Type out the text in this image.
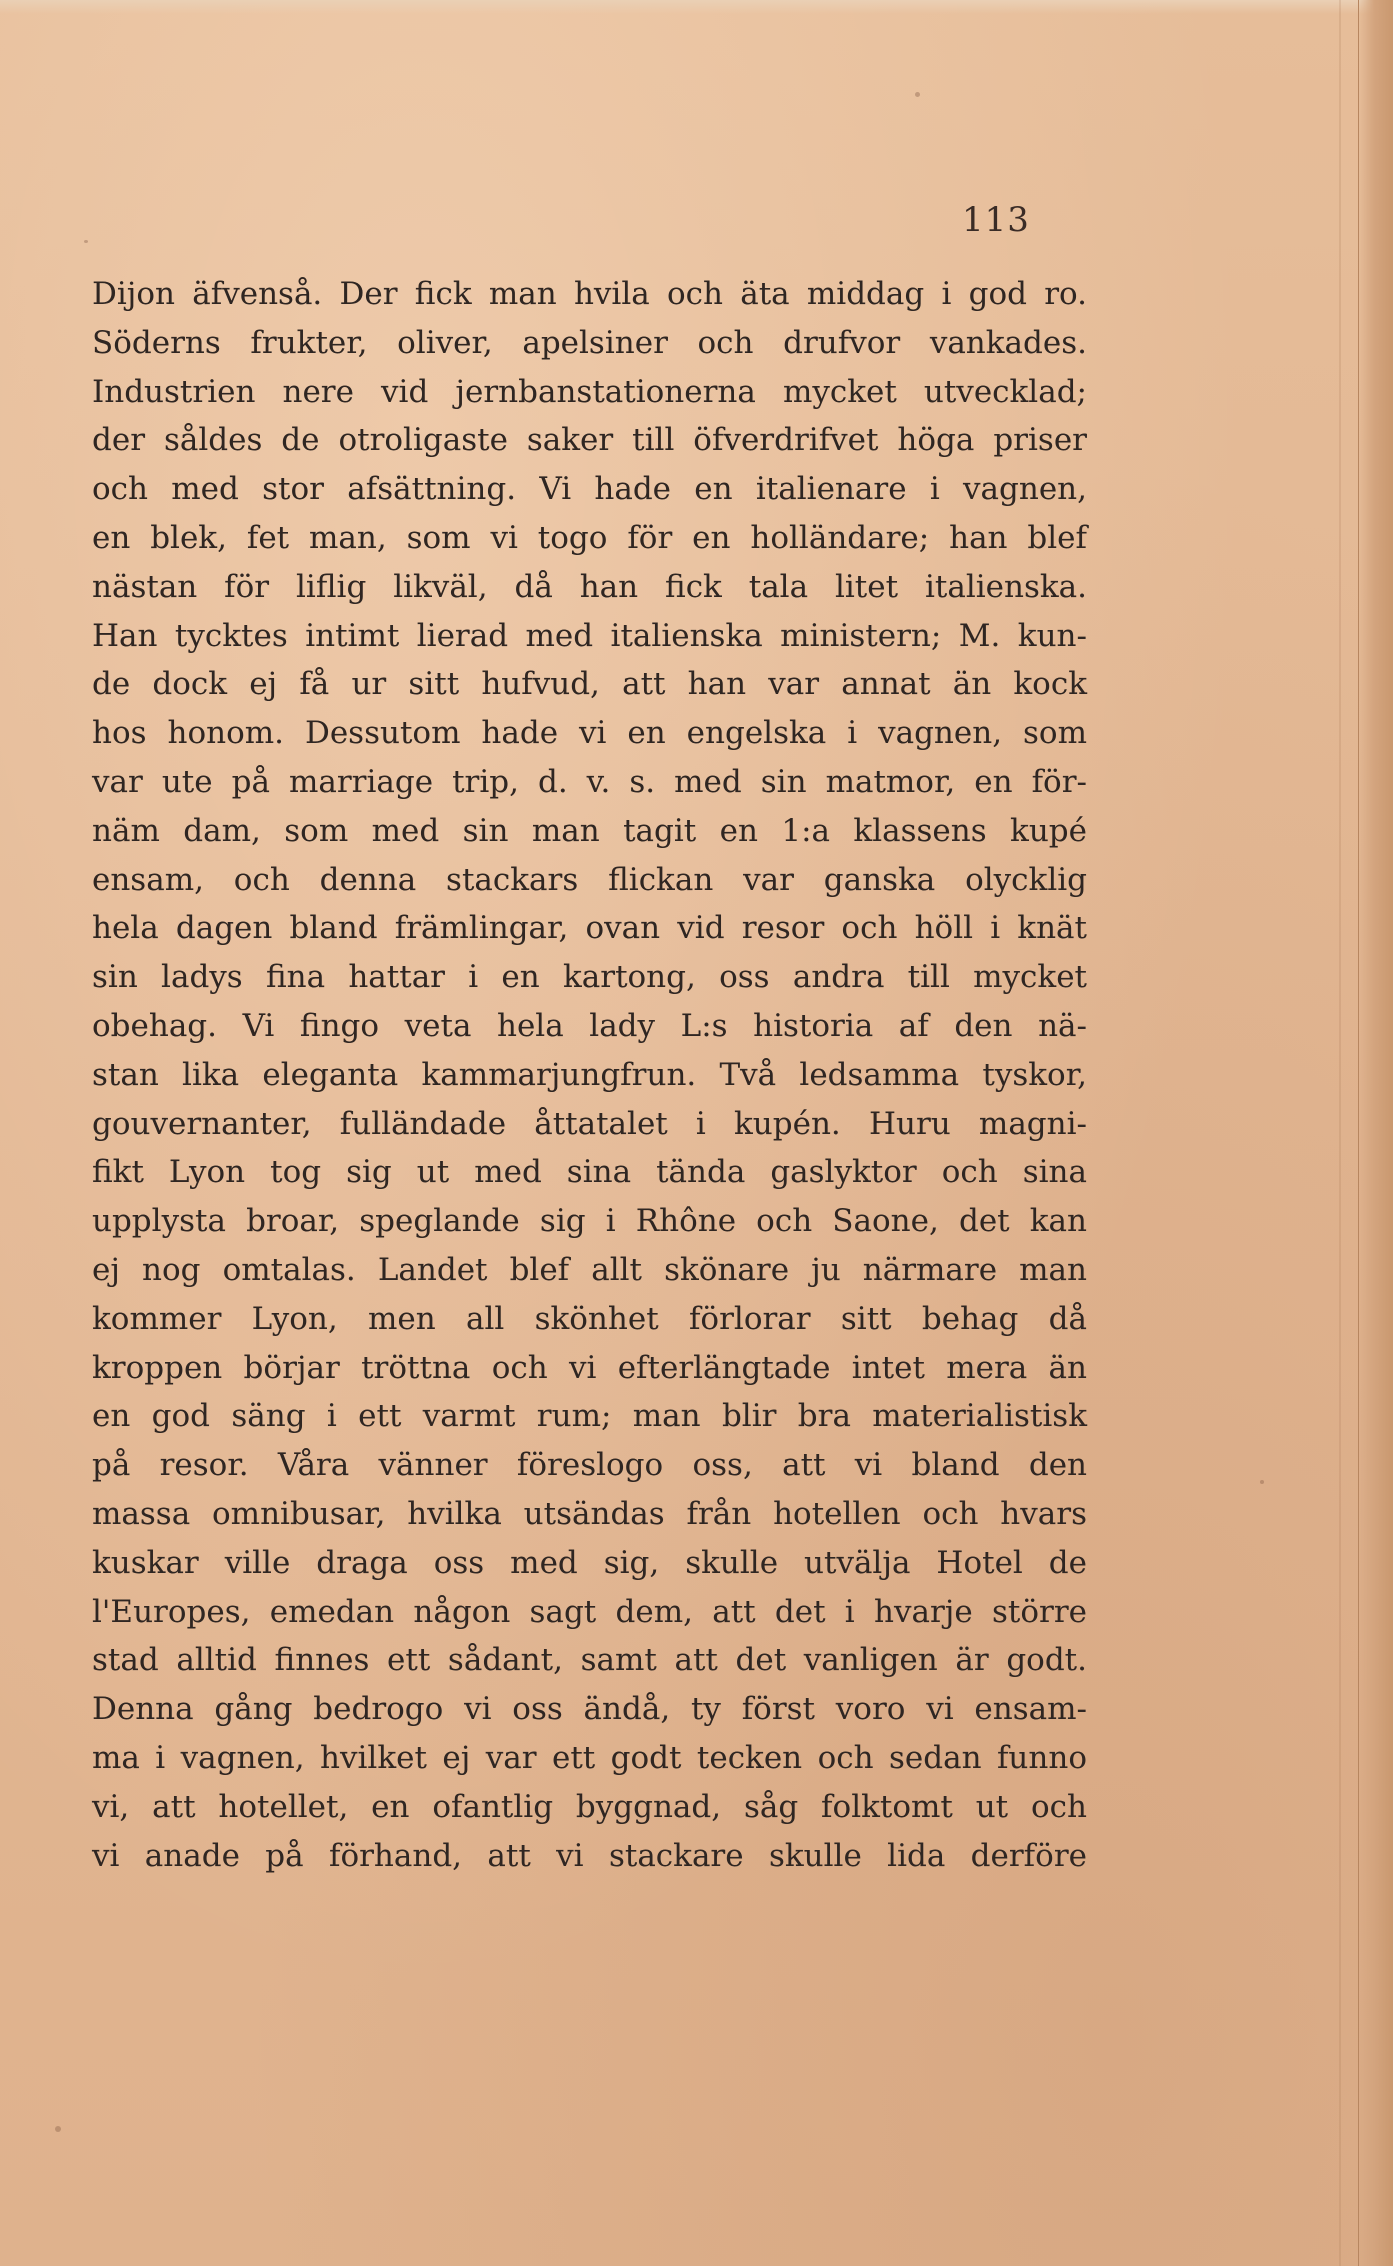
113
Dijon äfvenså. Der fick man hvila och äta middag i god ro.
Söderns frukter, oliver, apelsiner och drufvor vankades.
Industrien nere vid jernbanstationerna mycket utvecklad;
der såldes de otroligaste saker till öfverdrifvet höga priser
och med stor afsättning. Vi hade en italienare i vagnen,
en blek, fet man, som vi togo för en holländare; han blef
nästan för liflig likväl, då han fick tala litet italienska.
Han tycktes intimt lierad med italienska ministern; M. kun-
de dock ej få ur sitt hufvud, att han var annat än kock
hos honom. Dessutom hade vi en engelska i vagnen, som
var ute på marriage trip, d. v. s. med sin matmor, en för-
näm dam, som med sin man tagit en 1:a klassens kupé
ensam, och denna stackars flickan var ganska olycklig
hela dagen bland främlingar, ovan vid resor och höll i knät
sin ladys fina hattar i en kartong, oss andra till mycket
obehag. Vi fingo veta hela lady L:s historia af den nä-
stan lika eleganta kammarjungfrun. Två ledsamma tyskor,
gouvernanter, fulländade åttatalet i kupén. Huru magni-
fikt Lyon tog sig ut med sina tända gaslyktor och sina
upplysta broar, speglande sig i Rhône och Saone, det kan
ej nog omtalas. Landet blef allt skönare ju närmare man
kommer Lyon, men all skönhet förlorar sitt behag då
kroppen börjar tröttna och vi efterlängtade intet mera än
en god säng i ett varmt rum; man blir bra materialistisk
på resor. Våra vänner föreslogo oss, att vi bland den
massa omnibusar, hvilka utsändas från hotellen och hvars
kuskar ville draga oss med sig, skulle utvälja Hotel de
l'Europes, emedan någon sagt dem, att det i hvarje större
stad alltid finnes ett sådant, samt att det vanligen är godt.
Denna gång bedrogo vi oss ändå, ty först voro vi ensam-
ma i vagnen, hvilket ej var ett godt tecken och sedan funno
vi, att hotellet, en ofantlig byggnad, såg folktomt ut och
vi anade på förhand, att vi stackare skulle lida derföre
